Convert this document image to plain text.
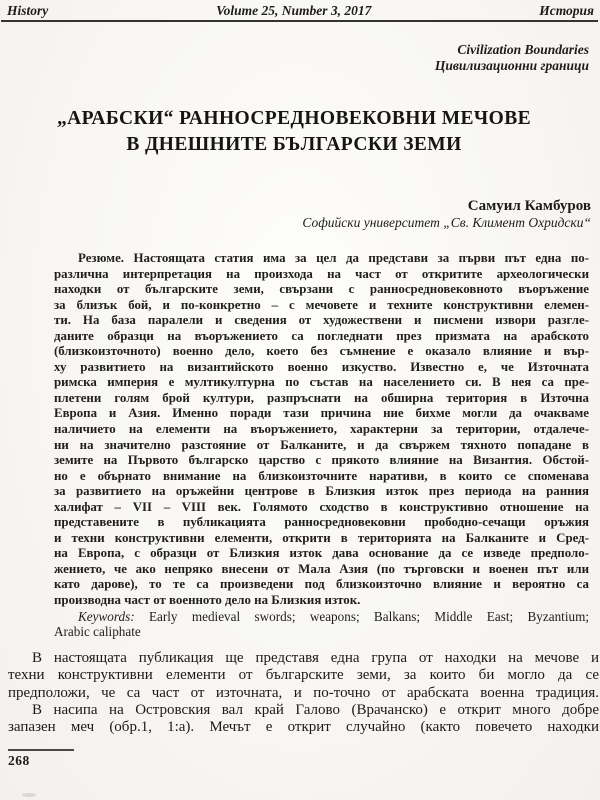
History	Volume 25, Number 3, 2017	История
Civilization Boundaries
Цивилизационни граници
„АРАБСКИ“ РАННОСРЕДНОВЕКОВНИ МЕЧОВЕ
В ДНЕШНИТЕ БЪЛГАРСКИ ЗЕМИ
Самуил Камбуров
Софийски университет „Св. Климент Охридски“
Резюме. Настоящата статия има за цел да представи за първи път една по-
различна интерпретация на произхода на част от откритите археологически
находки от българските земи, свързани с ранносредновековното въоръжение
за близък бой, и по-конкретно – с мечовете и техните конструктивни елемен-
ти. На база паралели и сведения от художествени и писмени извори разгле-
даните образци на въоръжението са погледнати през призмата на арабското
(близкоизточното) военно дело, което без съмнение е оказало влияние и вър-
ху развитието на византийското военно изкуство. Известно е, че Източната
римска империя е мултикултурна по състав на населението си. В нея са пре-
плетени голям брой култури, разпръснати на обширна територия в Източна
Европа и Азия. Именно поради тази причина ние бихме могли да очакваме
наличието на елементи на въоръжението, характерни за територии, отдалече-
ни на значително разстояние от Балканите, и да свържем тяхното попадане в
земите на Първото българско царство с прякото влияние на Византия. Обстой-
но е обърнато внимание на близкоизточните наративи, в които се споменава
за развитието на оръжейни центрове в Близкия изток през периода на ранния
халифат – VII – VIII век. Голямото сходство в конструктивно отношение на
представените в публикацията ранносредновековни прободно-сечащи оръжия
и техни конструктивни елементи, открити в територията на Балканите и Сред-
на Европа, с образци от Близкия изток дава основание да се изведе предполо-
жението, че ако непряко внесени от Мала Азия (по търговски и военен път или
като дарове), то те са произведени под близкоизточно влияние и вероятно са
производна част от военното дело на Близкия изток.
Keywords: Early medieval swords; weapons; Balkans; Middle East; Byzantium;
Arabic caliphate
В настоящата публикация ще представя една група от находки на мечове и
техни конструктивни елементи от българските земи, за които би могло да се
предположи, че са част от източната, и по-точно от арабската военна традиция.
В насипа на Островския вал край Галово (Врачанско) е открит много добре
запазен меч (обр.1, 1:а). Мечът е открит случайно (както повечето находки
268
